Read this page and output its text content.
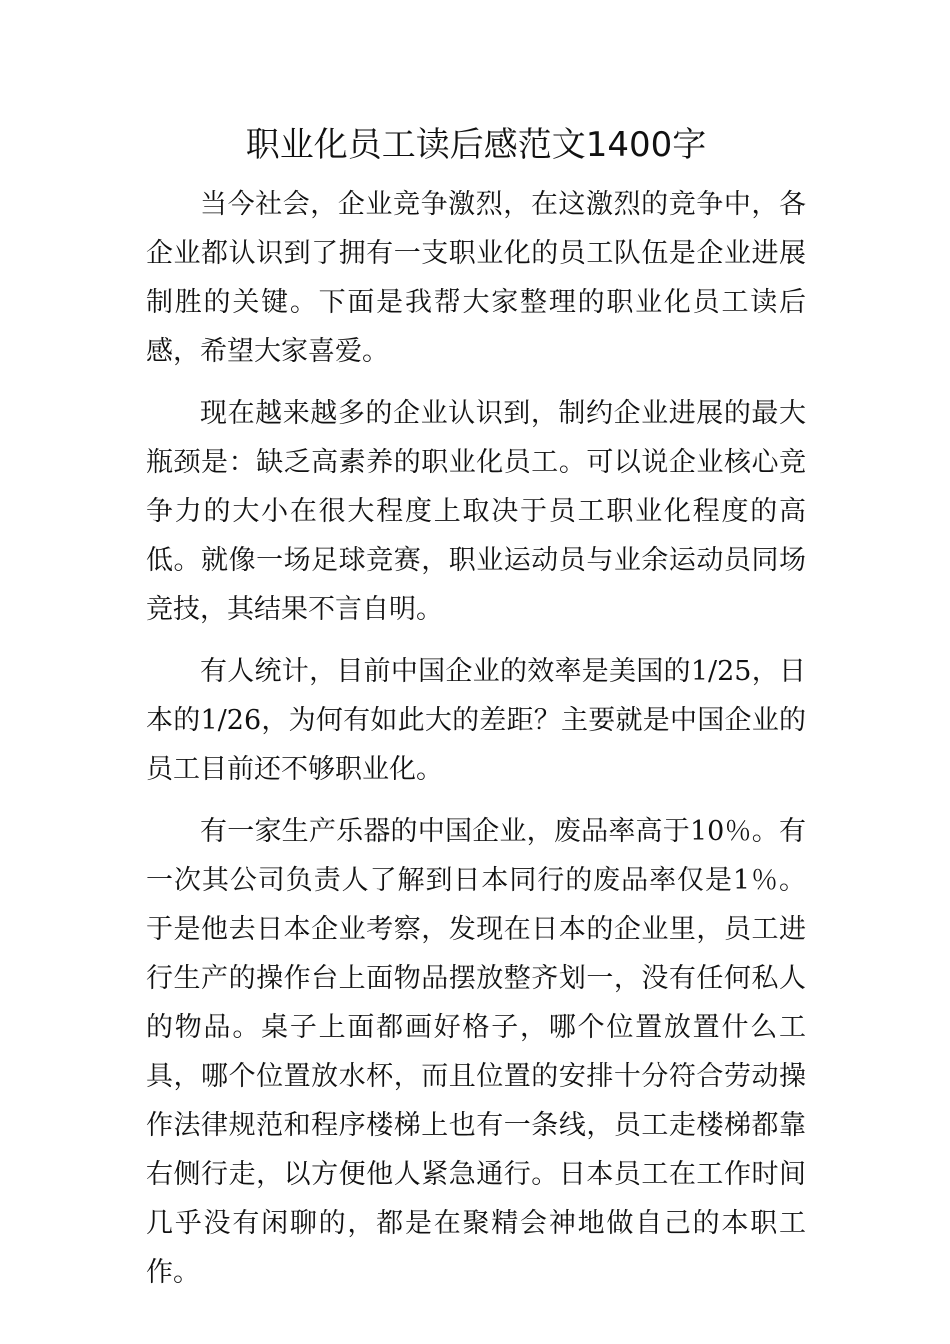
职业化员工读后感范文1400字

当今社会，企业竞争激烈，在这激烈的竞争中，各企业都认识到了拥有一支职业化的员工队伍是企业进展制胜的关键。下面是我帮大家整理的职业化员工读后感，希望大家喜爱。

现在越来越多的企业认识到，制约企业进展的最大瓶颈是：缺乏高素养的职业化员工。可以说企业核心竞争力的大小在很大程度上取决于员工职业化程度的高低。就像一场足球竞赛，职业运动员与业余运动员同场竞技，其结果不言自明。

有人统计，目前中国企业的效率是美国的1/25，日本的1/26，为何有如此大的差距？主要就是中国企业的员工目前还不够职业化。

有一家生产乐器的中国企业，废品率高于10％。有一次其公司负责人了解到日本同行的废品率仅是1％。于是他去日本企业考察，发现在日本的企业里，员工进行生产的操作台上面物品摆放整齐划一，没有任何私人的物品。桌子上面都画好格子，哪个位置放置什么工具，哪个位置放水杯，而且位置的安排十分符合劳动操作法律规范和程序楼梯上也有一条线，员工走楼梯都靠右侧行走，以方便他人紧急通行。日本员工在工作时间几乎没有闲聊的，都是在聚精会神地做自己的本职工作。
